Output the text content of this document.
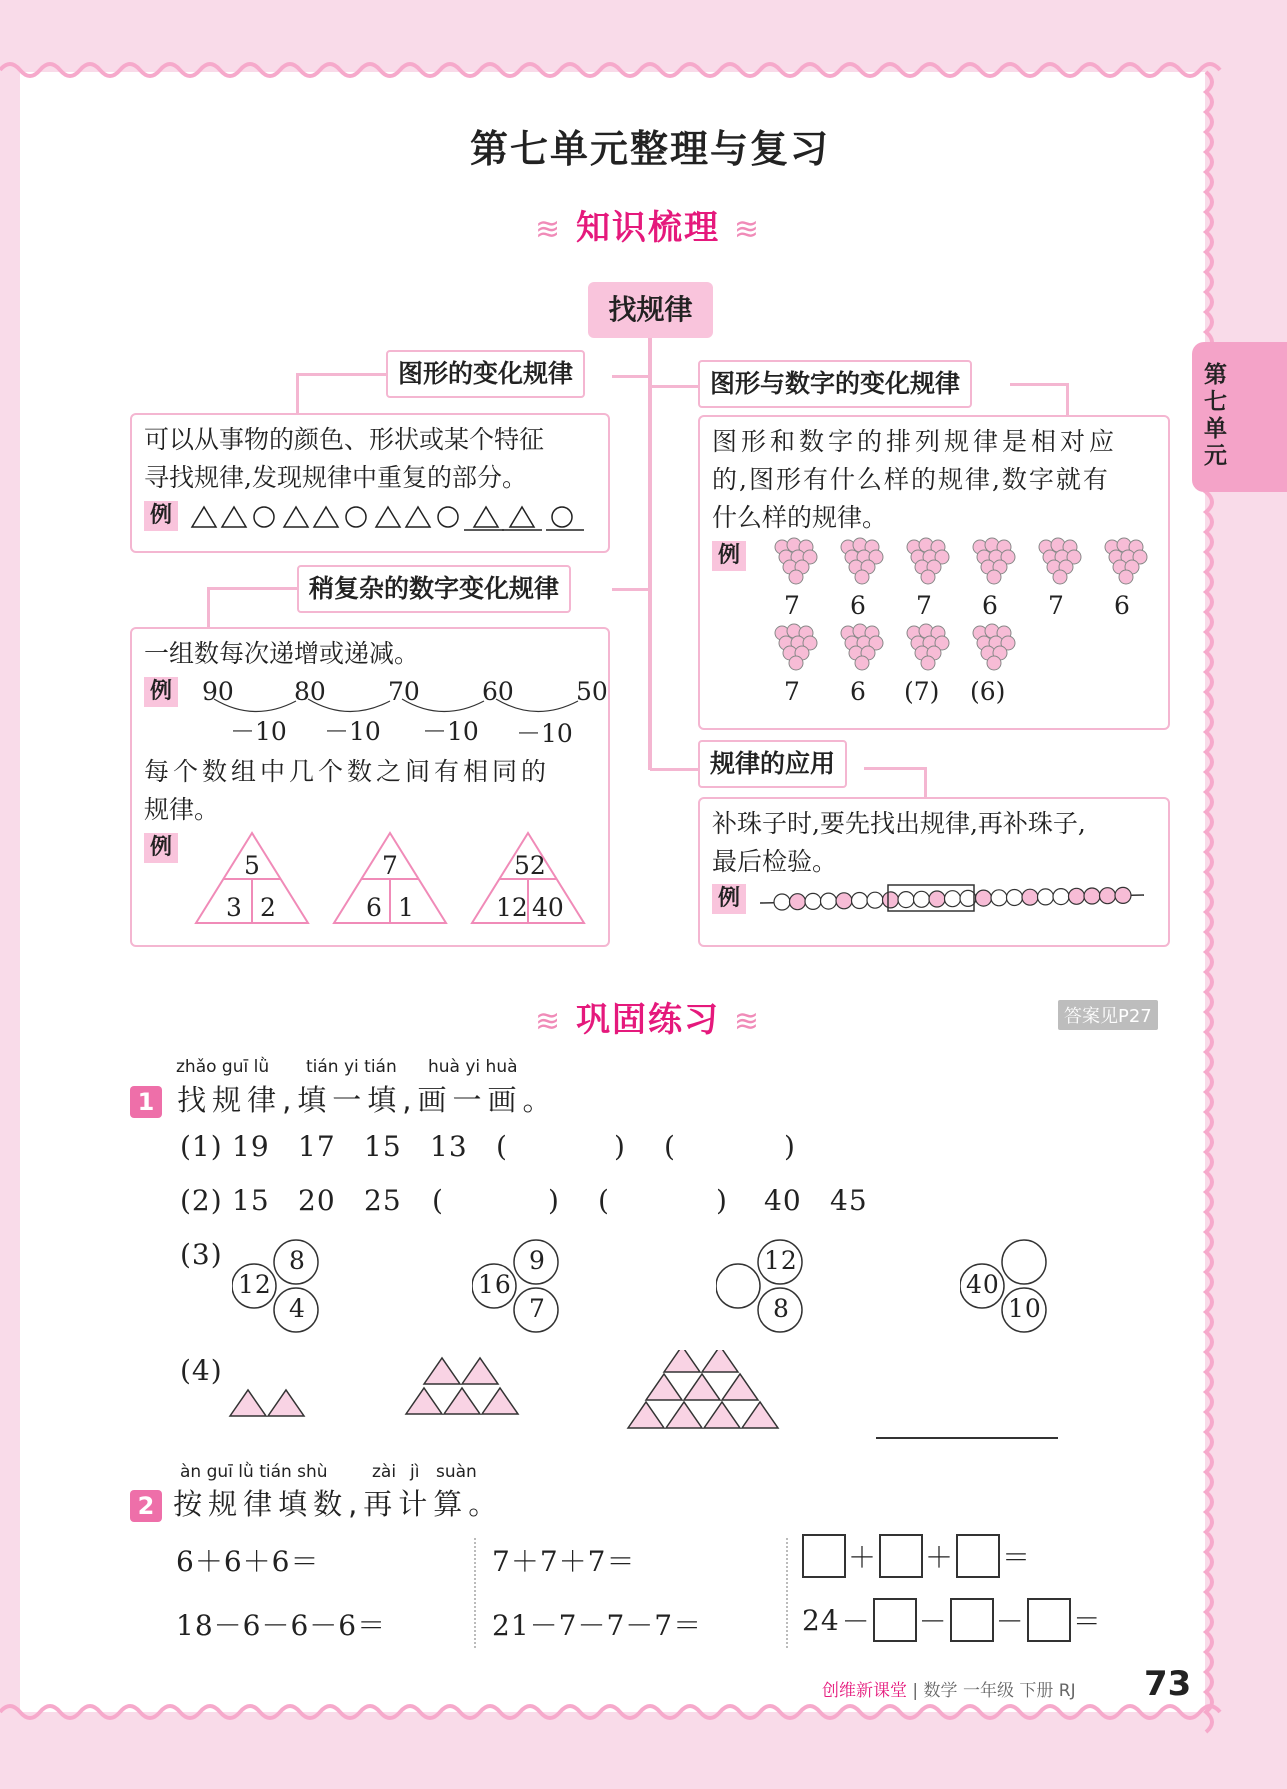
第七单元
第七单元整理与复习
≋ 知识梳理 ≋
找规律
图形的变化规律
可以从事物的颜色、形状或某个特征
寻找规律,发现规律中重复的部分。
例
稍复杂的数字变化规律
一组数每次递增或递减。
例 90 80 70 60 50
－10 －10 －10 －10
每个数组中几个数之间有相同的
规律。
例
5
3 2
7
6 1
52
12 40
图形与数字的变化规律
图形和数字的排列规律是相对应
的,图形有什么样的规律,数字就有
什么样的规律。
例
7 6 7 6 7 6
7 6 (7) (6)
规律的应用
补珠子时,要先找出规律,再补珠子,
最后检验。
例
≋ 巩固练习 ≋	答案见P27
zhǎo guī lǜ tián yi tián huà yi huà
1 找规律,填一填,画一画。
(1) 19 17 15 13 (	) (	)
(2) 15 20 25 (	) (	) 40 45
(3)
12
8
4
16
9
7
12
8
40
10
(4)
àn guī lǜ tián shù	zài jì suàn
2 按规律填数,再计算。
6＋6＋6＝
18－6－6－6＝
7＋7＋7＝
21－7－7－7＝
＋ ＋ ＝
24 － － － ＝
创维新课堂 | 数学 一年级 下册 RJ 73
